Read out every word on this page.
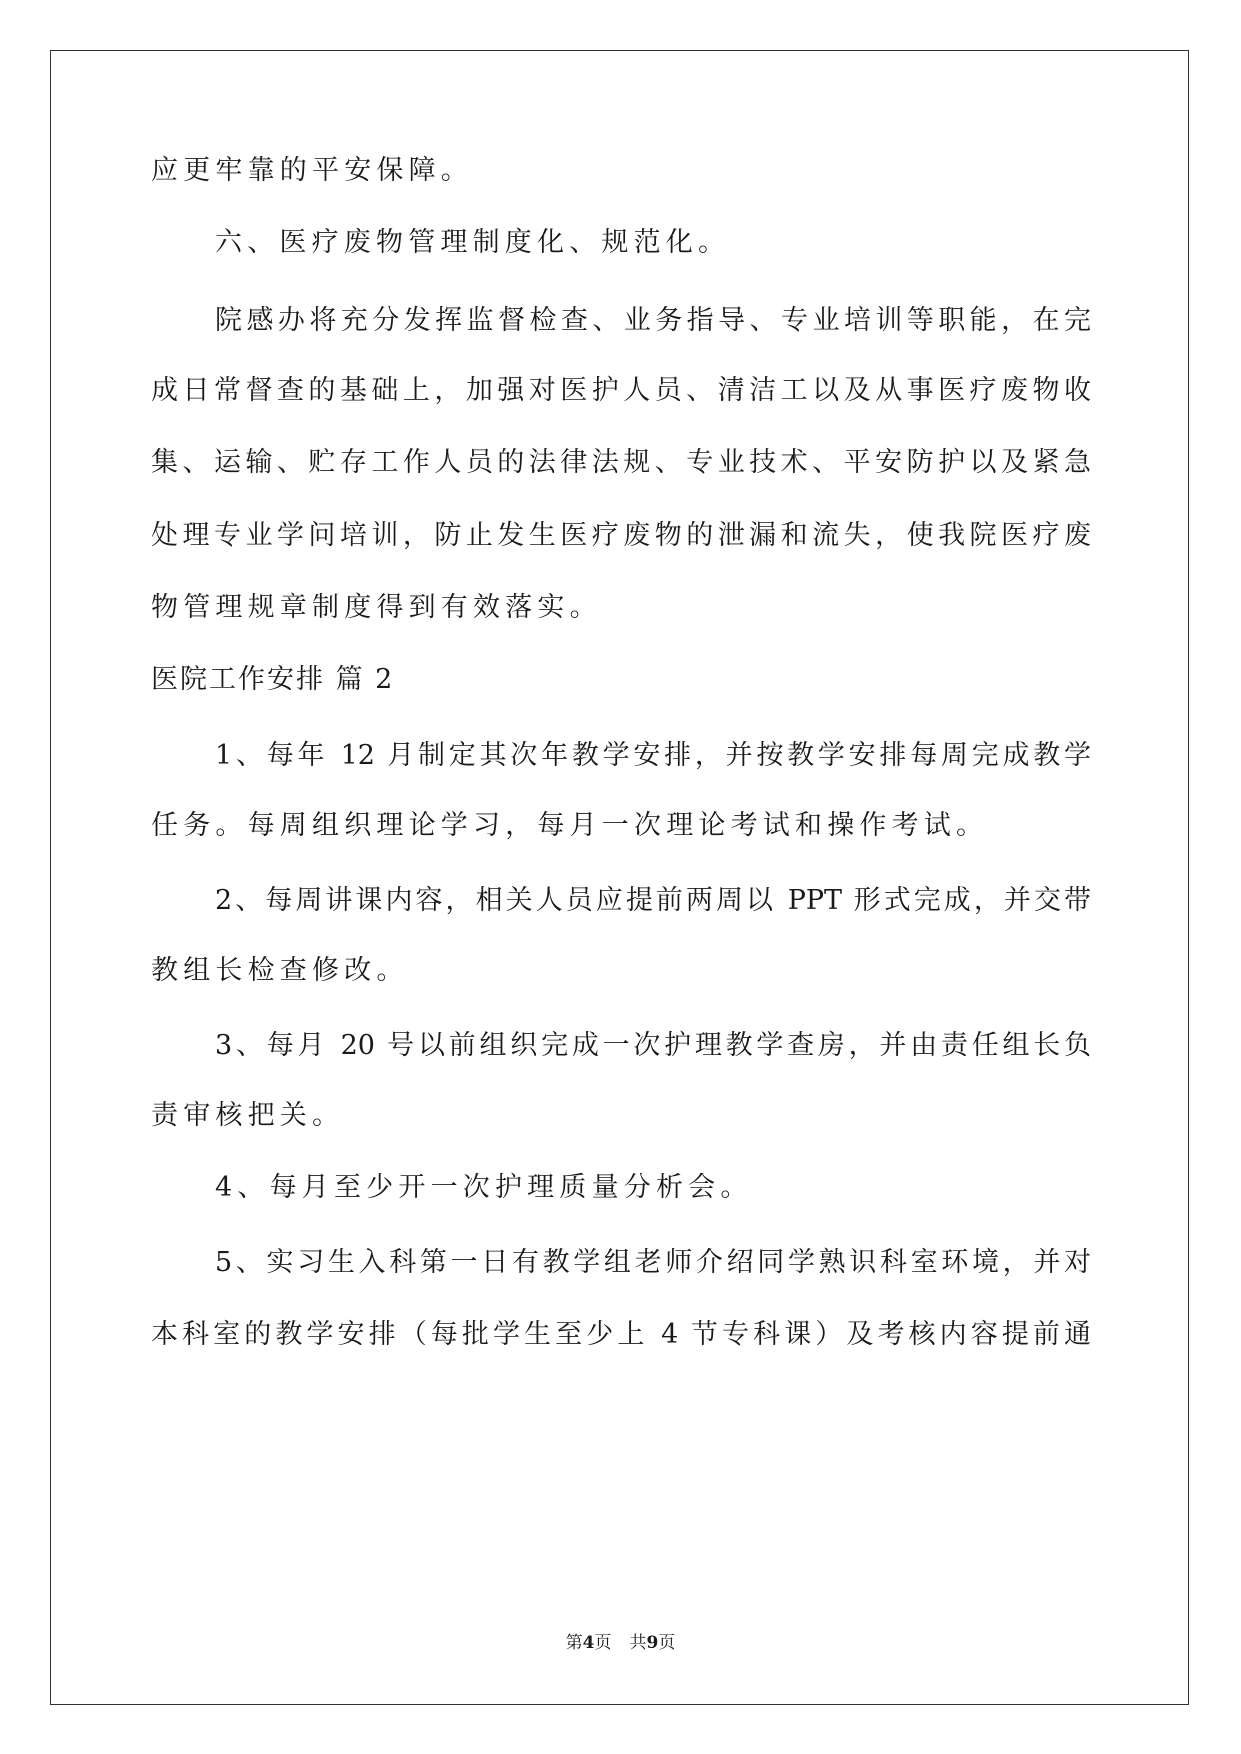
应更牢靠的平安保障。
六、医疗废物管理制度化、规范化。
院感办将充分发挥监督检查、业务指导、专业培训等职能，在完
成日常督查的基础上，加强对医护人员、清洁工以及从事医疗废物收
集、运输、贮存工作人员的法律法规、专业技术、平安防护以及紧急
处理专业学问培训，防止发生医疗废物的泄漏和流失，使我院医疗废
物管理规章制度得到有效落实。
医院工作安排 篇 2
1、每年 12 月制定其次年教学安排，并按教学安排每周完成教学
任务。每周组织理论学习，每月一次理论考试和操作考试。
2、每周讲课内容，相关人员应提前两周以 PPT 形式完成，并交带
教组长检查修改。
3、每月 20 号以前组织完成一次护理教学查房，并由责任组长负
责审核把关。
4、每月至少开一次护理质量分析会。
5、实习生入科第一日有教学组老师介绍同学熟识科室环境，并对
本科室的教学安排（每批学生至少上 4 节专科课）及考核内容提前通
第4页 共9页
